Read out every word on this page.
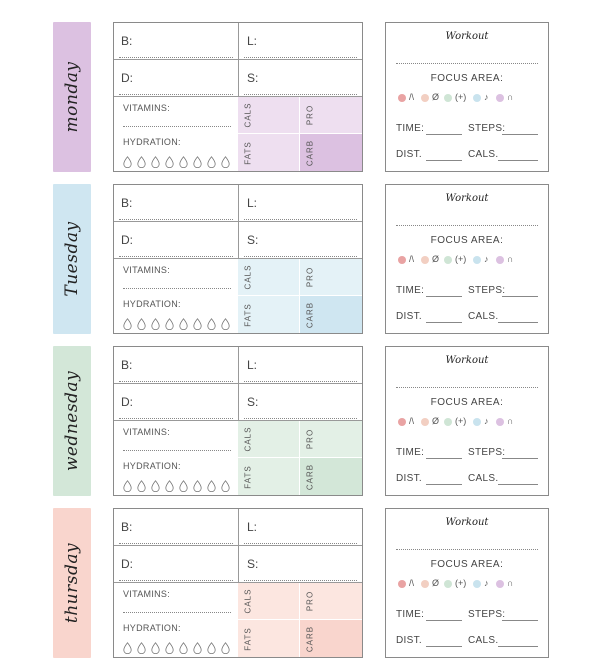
monday
B:	L:
D:	S:
VITAMINS:
HYDRATION:
CALS	PRO
FATS	CARB
Workout
FOCUS AREA:
/\ Ø (+) ♪ ∩
TIME:	STEPS:
DIST.	CALS.
Tuesday
B:	L:
D:	S:
VITAMINS:
HYDRATION:
CALS	PRO
FATS	CARB
Workout
FOCUS AREA:
/\ Ø (+) ♪ ∩
TIME:	STEPS:
DIST.	CALS.
wednesday
B:	L:
D:	S:
VITAMINS:
HYDRATION:
CALS	PRO
FATS	CARB
Workout
FOCUS AREA:
/\ Ø (+) ♪ ∩
TIME:	STEPS:
DIST.	CALS.
thursday
B:	L:
D:	S:
VITAMINS:
HYDRATION:
CALS	PRO
FATS	CARB
Workout
FOCUS AREA:
/\ Ø (+) ♪ ∩
TIME:	STEPS:
DIST.	CALS.
